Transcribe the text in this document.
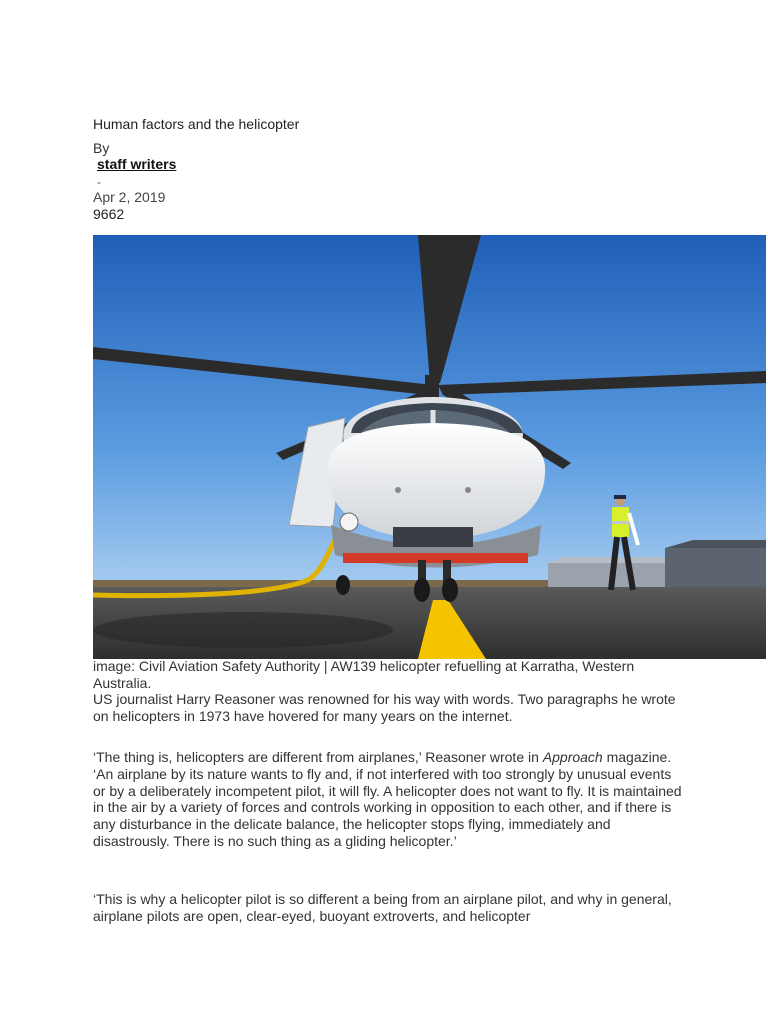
Human factors and the helicopter
By
staff writers
-
Apr 2, 2019
9662
image: Civil Aviation Safety Authority | AW139 helicopter refuelling at Karratha, Western Australia.
US journalist Harry Reasoner was renowned for his way with words. Two paragraphs he wrote on helicopters in 1973 have hovered for many years on the internet.
‘The thing is, helicopters are different from airplanes,’ Reasoner wrote in Approach magazine. ‘An airplane by its nature wants to fly and, if not interfered with too strongly by unusual events or by a deliberately incompetent pilot, it will fly. A helicopter does not want to fly. It is maintained in the air by a variety of forces and controls working in opposition to each other, and if there is any disturbance in the delicate balance, the helicopter stops flying, immediately and disastrously. There is no such thing as a gliding helicopter.’
‘This is why a helicopter pilot is so different a being from an airplane pilot, and why in general, airplane pilots are open, clear-eyed, buoyant extroverts, and helicopter
